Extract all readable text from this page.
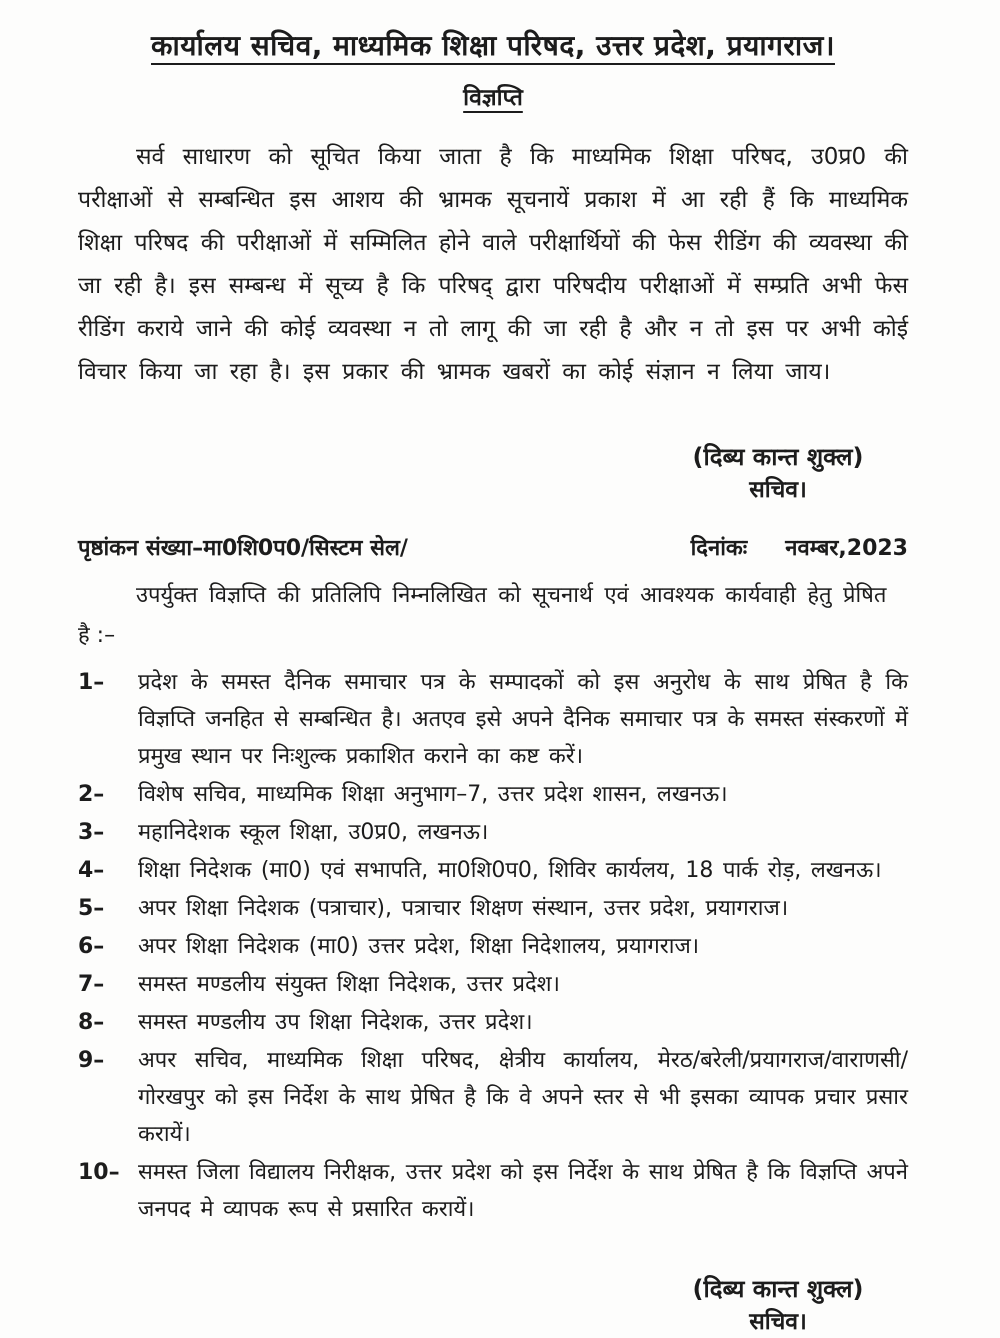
कार्यालय सचिव, माध्यमिक शिक्षा परिषद, उत्तर प्रदेश, प्रयागराज।
विज्ञप्ति

सर्व साधारण को सूचित किया जाता है कि माध्यमिक शिक्षा परिषद, उ0प्र0 की परीक्षाओं से सम्बन्धित इस आशय की भ्रामक सूचनायें प्रकाश में आ रही हैं कि माध्यमिक शिक्षा परिषद की परीक्षाओं में सम्मिलित होने वाले परीक्षार्थियों की फेस रीडिंग की व्यवस्था की जा रही है। इस सम्बन्ध में सूच्य है कि परिषद् द्वारा परिषदीय परीक्षाओं में सम्प्रति अभी फेस रीडिंग कराये जाने की कोई व्यवस्था न तो लागू की जा रही है और न तो इस पर अभी कोई विचार किया जा रहा है। इस प्रकार की भ्रामक खबरों का कोई संज्ञान न लिया जाय।

(दिब्य कान्त शुक्ल)
सचिव।
पृष्ठांकन संख्या–मा0शि0प0/सिस्टम सेल/	दिनांकः नवम्बर,2023
उपर्युक्त विज्ञप्ति की प्रतिलिपि निम्नलिखित को सूचनार्थ एवं आवश्यक कार्यवाही हेतु प्रेषित
है :–
1–	प्रदेश के समस्त दैनिक समाचार पत्र के सम्पादकों को इस अनुरोध के साथ प्रेषित है कि विज्ञप्ति जनहित से सम्बन्धित है। अतएव इसे अपने दैनिक समाचार पत्र के समस्त संस्करणों में प्रमुख स्थान पर निःशुल्क प्रकाशित कराने का कष्ट करें।
2–	विशेष सचिव, माध्यमिक शिक्षा अनुभाग–7, उत्तर प्रदेश शासन, लखनऊ।
3–	महानिदेशक स्कूल शिक्षा, उ0प्र0, लखनऊ।
4–	शिक्षा निदेशक (मा0) एवं सभापति, मा0शि0प0, शिविर कार्यलय, 18 पार्क रोड़, लखनऊ।
5–	अपर शिक्षा निदेशक (पत्राचार), पत्राचार शिक्षण संस्थान, उत्तर प्रदेश, प्रयागराज।
6–	अपर शिक्षा निदेशक (मा0) उत्तर प्रदेश, शिक्षा निदेशालय, प्रयागराज।
7–	समस्त मण्डलीय संयुक्त शिक्षा निदेशक, उत्तर प्रदेश।
8–	समस्त मण्डलीय उप शिक्षा निदेशक, उत्तर प्रदेश।
9–	अपर सचिव, माध्यमिक शिक्षा परिषद, क्षेत्रीय कार्यालय, मेरठ/बरेली/प्रयागराज/वाराणसी/ गोरखपुर को इस निर्देश के साथ प्रेषित है कि वे अपने स्तर से भी इसका व्यापक प्रचार प्रसार करायें।
10– समस्त जिला विद्यालय निरीक्षक, उत्तर प्रदेश को इस निर्देश के साथ प्रेषित है कि विज्ञप्ति अपने जनपद मे व्यापक रूप से प्रसारित करायें।
(दिब्य कान्त शुक्ल)
सचिव।
